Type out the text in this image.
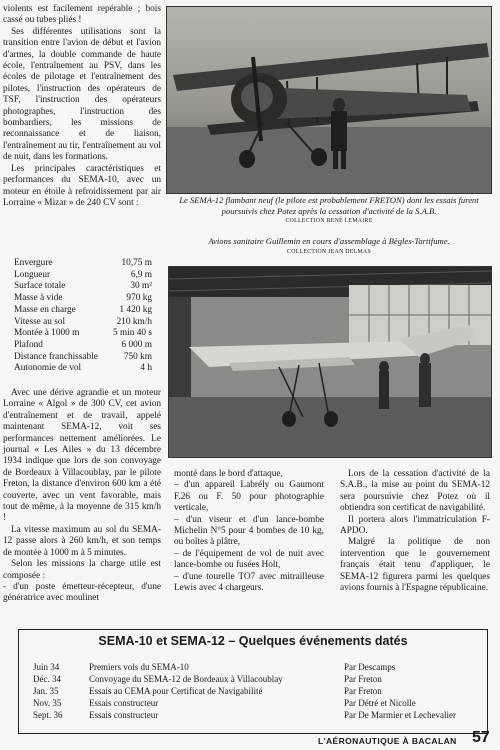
violents est facilement repérable ; bois cassé ou tubes pliés !

Ses différentes utilisations sont la transition entre l'avion de début et l'avion d'armes, la double commande de haute école, l'entraînement au PSV, dans les écoles de pilotage et l'entraînement des pilotes, l'instruction des opérateurs de TSF, l'instruction des opérateurs photographes, l'instruction des bombardiers, les missions de reconnaissance et de liaison, l'entraînement au tir, l'entraînement au vol de nuit, dans les formations.

Les principales caractéristiques et performances du SEMA-10, avec un moteur en étoile à refroidissement par air Lorraine « Mizar » de 240 CV sont :	Le SEMA-12 flambant neuf (le pilote est probablement FRETON) dont les essais furent poursuivis chez Potez après la cessation d'activité de la S.A.B.
COLLECTION RENÉ LEMAIRE
Avions sanitaire Guillemin en cours d'assemblage à Bègles-Tartifume.
COLLECTION JEAN DELMAS
Envergure	10,75 m
Longueur	6,9 m
Surface totale	30 m²
Masse à vide	970 kg
Masse en charge	1 420 kg
Vitesse au sol	210 km/h
Montée à 1000 m	5 min 40 s
Plafond	6 000 m
Distance franchissable	750 km
Autonomie de vol	4 h

Avec une dérive agrandie et un moteur Lorraine « Algol » de 300 CV, cet avion d'entraînement et de travail, appelé maintenant SEMA-12, voit ses performances nettement améliorées. Le journal « Les Ailes » du 13 décembre 1934 indique que lors de son convoyage de Bordeaux à Villacoublay, par le pilote Freton, la distance d'environ 600 km a été couverte, avec un vent favorable, mais tout de même, à la moyenne de 315 km/h !

La vitesse maximum au sol du SEMA-12 passe alors à 260 km/h, et son temps de montée à 1000 m à 5 minutes.

Selon les missions la charge utile est composée :

- d'un poste émetteur-récepteur, d'une génératrice avec moulinet

monté dans le bord d'attaque,

– d'un appareil Labrély ou Gaumont F.26 ou F. 50 pour photographie verticale,

– d'un viseur et d'un lance-bombe Michelin N°5 pour 4 bombes de 10 kg, ou boîtes à plâtre,

– de l'équipement de vol de nuit avec lance-bombe ou fusées Holt,

– d'une tourelle TO7 avec mitrailleuse Lewis avec 4 chargeurs.

Lors de la cessation d'activité de la S.A.B., la mise au point du SEMA-12 sera poursuivie chez Potez où il obtiendra son certificat de navigabilité.

Il portera alors l'immatriculation F-APDO.

Malgré la politique de non intervention que le gouvernement français était tenu d'appliquer, le SEMA-12 figurera parmi les quelques avions fournis à l'Espagne républicaine.

SEMA-10 et SEMA-12 – Quelques événements datés
Juin 34	Premiers vols du SEMA-10	Par Descamps
Déc. 34	Convoyage du SEMA-12 de Bordeaux à Villacoublay	Par Freton
Jan. 35	Essais au CEMA pour Certificat de Navigabilité	Par Freton
Nov. 35	Essais constructeur	Par Détré et Nicolle
Sept. 36	Essais constructeur	Par De Marmier et Lechevalier
L'AÉRONAUTIQUE À BACALAN 57
